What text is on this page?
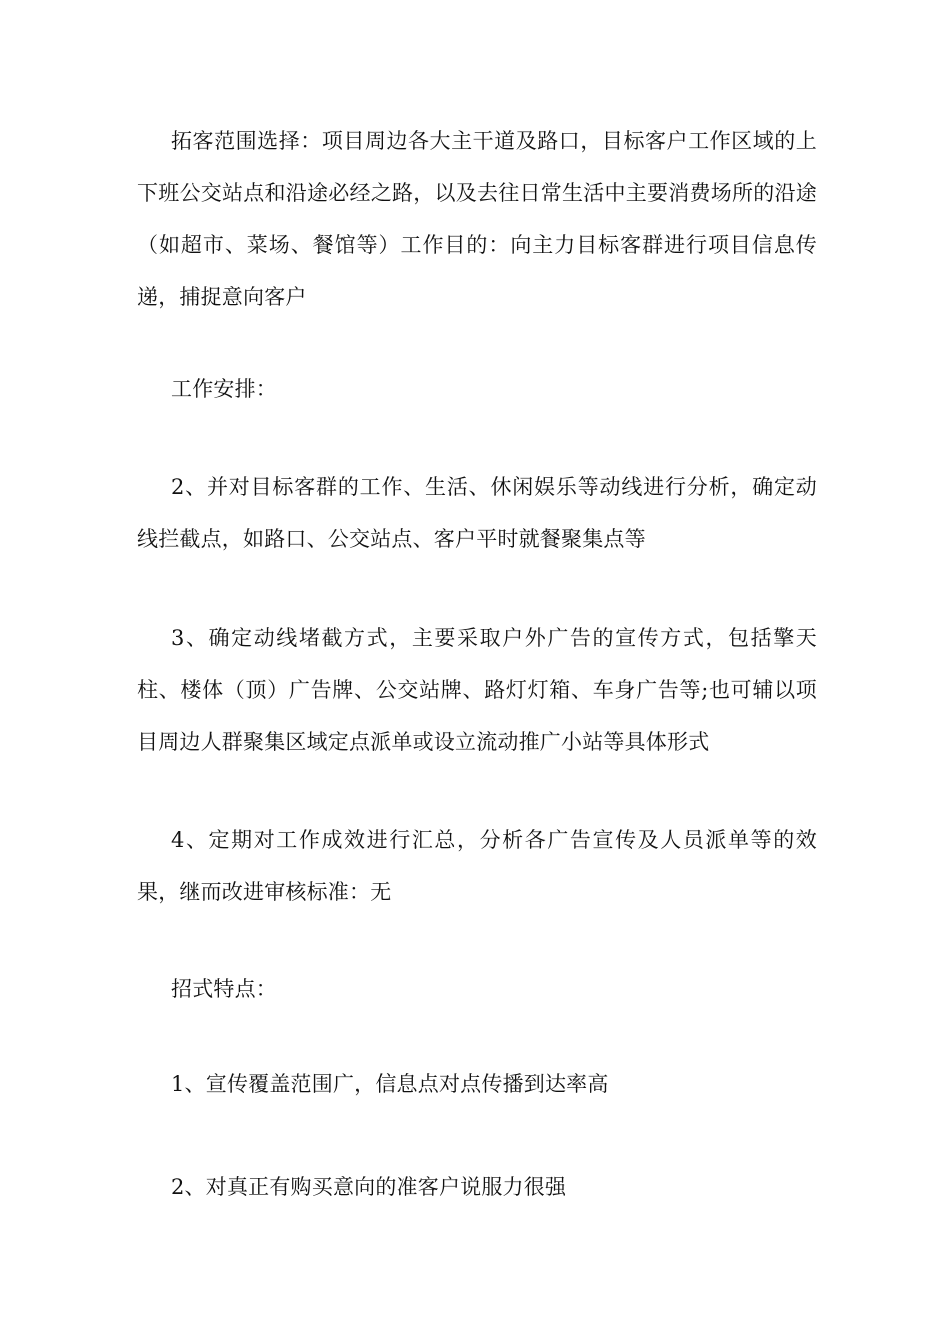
拓客范围选择：项目周边各大主干道及路口，目标客户工作区域的上下班公交站点和沿途必经之路，以及去往日常生活中主要消费场所的沿途（如超市、菜场、餐馆等）工作目的：向主力目标客群进行项目信息传递，捕捉意向客户

工作安排：

2、并对目标客群的工作、生活、休闲娱乐等动线进行分析，确定动线拦截点，如路口、公交站点、客户平时就餐聚集点等

3、确定动线堵截方式，主要采取户外广告的宣传方式，包括擎天柱、楼体（顶）广告牌、公交站牌、路灯灯箱、车身广告等;也可辅以项目周边人群聚集区域定点派单或设立流动推广小站等具体形式

4、定期对工作成效进行汇总，分析各广告宣传及人员派单等的效果，继而改进审核标准：无

招式特点：

1、宣传覆盖范围广，信息点对点传播到达率高

2、对真正有购买意向的准客户说服力很强
